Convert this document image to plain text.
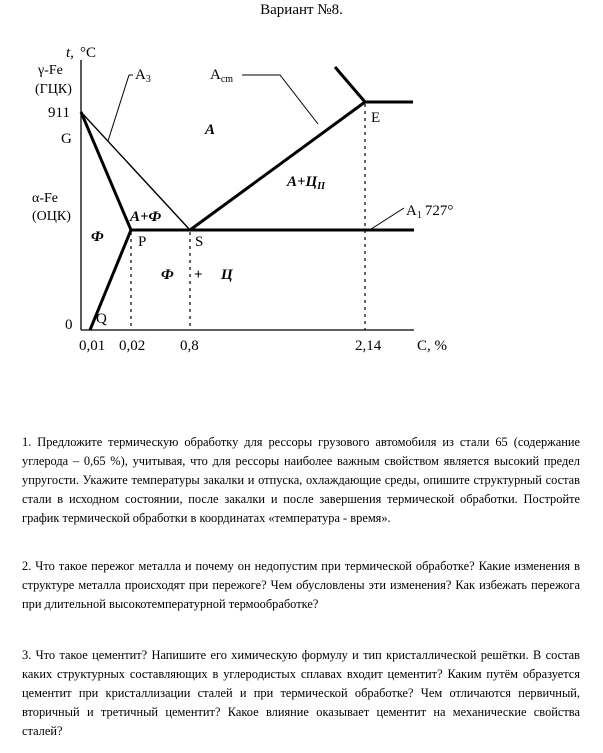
Вариант №8.
t, °C
γ-Fe
(ГЦК)
911
G
α-Fe
(ОЦК)
0 Q
P	S
E
$A_3$	$A_{cm}$
$A_1$ 727°
A
$A+Ц_{II}$
A+Ф
Ф
Ф + Ц
0,01 0,02 0,8	2,14 C, %

1. Предложите термическую обработку для рессоры грузового автомобиля из стали 65 (содержание углерода – 0,65 %), учитывая, что для рессоры наиболее важным свойством является высокий предел упругости. Укажите температуры закалки и отпуска, охлаждающие среды, опишите структурный состав стали в исходном состоянии, после закалки и после завершения термической обработки. Постройте график термической обработки в координатах «температура - время».

2. Что такое пережог металла и почему он недопустим при термической обработке? Какие изменения в структуре металла происходят при пережоге? Чем обусловлены эти изменения? Как избежать пережога при длительной высокотемпературной термообработке?

3. Что такое цементит? Напишите его химическую формулу и тип кристаллической решётки. В состав каких структурных составляющих в углеродистых сплавах входит цементит? Каким путём образуется цементит при кристаллизации сталей и при термической обработке? Чем отличаются первичный, вторичный и третичный цементит? Какое влияние оказывает цементит на механические свойства сталей?
